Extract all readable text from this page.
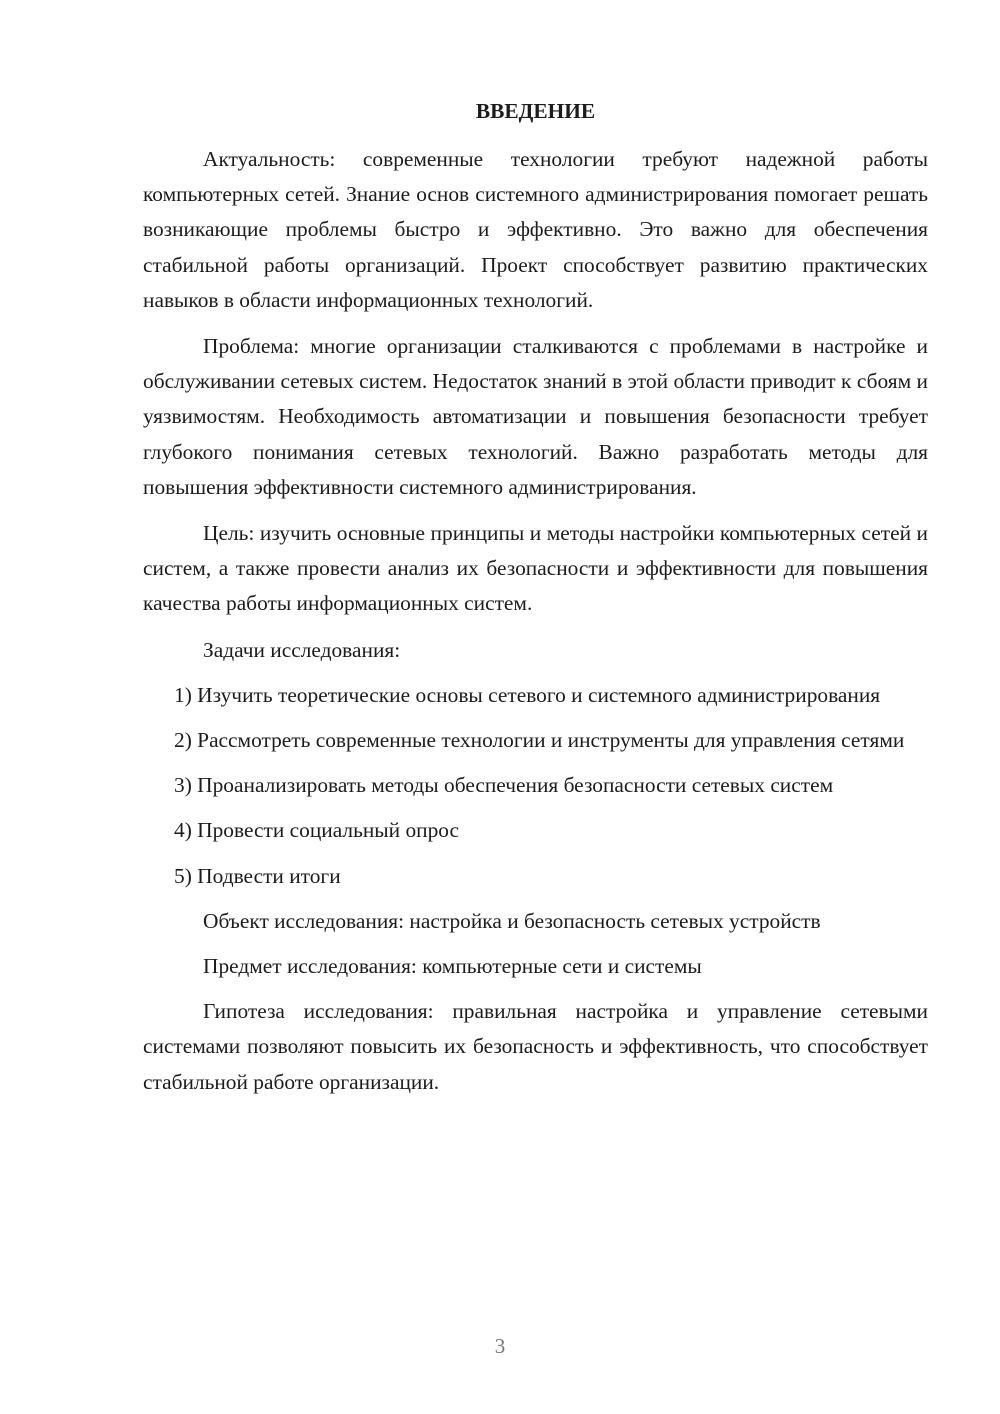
ВВЕДЕНИЕ

Актуальность: современные технологии требуют надежной работы компьютерных сетей. Знание основ системного администрирования помогает решать возникающие проблемы быстро и эффективно. Это важно для обеспечения стабильной работы организаций. Проект способствует развитию практических навыков в области информационных технологий.

Проблема: многие организации сталкиваются с проблемами в настройке и обслуживании сетевых систем. Недостаток знаний в этой области приводит к сбоям и уязвимостям. Необходимость автоматизации и повышения безопасности требует глубокого понимания сетевых технологий. Важно разработать методы для повышения эффективности системного администрирования.

Цель: изучить основные принципы и методы настройки компьютерных сетей и систем, а также провести анализ их безопасности и эффективности для повышения качества работы информационных систем.

Задачи исследования:

1) Изучить теоретические основы сетевого и системного администрирования

2) Рассмотреть современные технологии и инструменты для управления сетями

3) Проанализировать методы обеспечения безопасности сетевых систем

4) Провести социальный опрос

5) Подвести итоги

Объект исследования: настройка и безопасность сетевых устройств

Предмет исследования: компьютерные сети и системы

Гипотеза исследования: правильная настройка и управление сетевыми системами позволяют повысить их безопасность и эффективность, что способствует стабильной работе организации.

3
